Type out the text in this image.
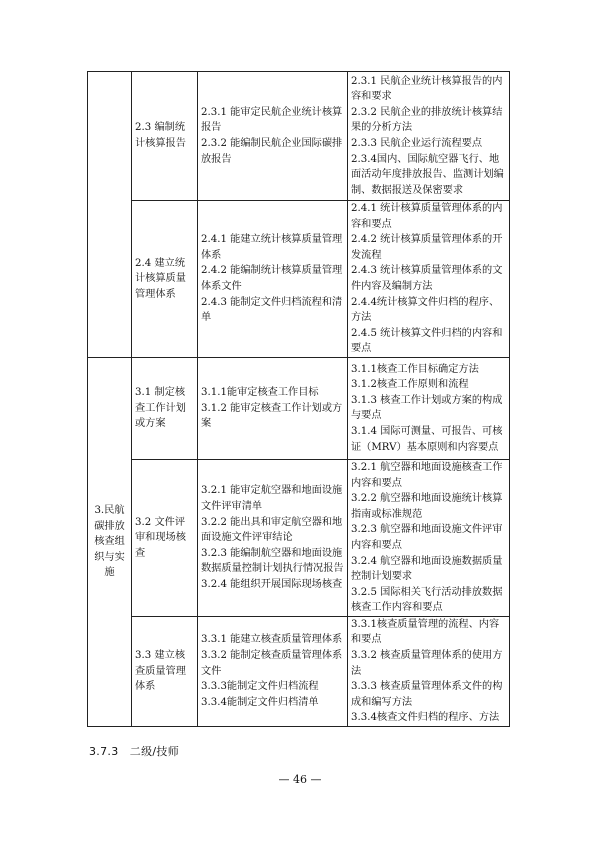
	2.3 编制统计核算报告	2.3.1 能审定民航企业统计核算报告
2.3.2 能编制民航企业国际碳排放报告	2.3.1 民航企业统计核算报告的内容和要求
2.3.2 民航企业的排放统计核算结果的分析方法
2.3.3 民航企业运行流程要点
2.3.4国内、国际航空器飞行、地面活动年度排放报告、监测计划编制、数据报送及保密要求

	2.4 建立统计核算质量管理体系	2.4.1 能建立统计核算质量管理体系
2.4.2 能编制统计核算质量管理体系文件
2.4.3 能制定文件归档流程和清单	2.4.1 统计核算质量管理体系的内容和要点
2.4.2 统计核算质量管理体系的开发流程
2.4.3 统计核算质量管理体系的文件内容及编制方法
2.4.4统计核算文件归档的程序、方法
2.4.5 统计核算文件归档的内容和要点

3.民航碳排放核查组织与实施	3.1 制定核查工作计划或方案	3.1.1能审定核查工作目标
3.1.2 能审定核查工作计划或方案	3.1.1核查工作目标确定方法
3.1.2核查工作原则和流程
3.1.3 核查工作计划或方案的构成与要点
3.1.4 国际可测量、可报告、可核证（MRV）基本原则和内容要点

	3.2 文件评审和现场核查	3.2.1 能审定航空器和地面设施文件评审清单
3.2.2 能出具和审定航空器和地面设施文件评审结论
3.2.3 能编制航空器和地面设施数据质量控制计划执行情况报告
3.2.4 能组织开展国际现场核查	3.2.1 航空器和地面设施核查工作内容和要点
3.2.2 航空器和地面设施统计核算指南或标准规范
3.2.3 航空器和地面设施文件评审内容和要点
3.2.4 航空器和地面设施数据质量控制计划要求
3.2.5 国际相关飞行活动排放数据核查工作内容和要点

	3.3 建立核查质量管理体系	3.3.1 能建立核查质量管理体系
3.3.2 能制定核查质量管理体系文件
3.3.3能制定文件归档流程
3.3.4能制定文件归档清单	3.3.1核查质量管理的流程、内容和要点
3.3.2 核查质量管理体系的使用方法
3.3.3 核查质量管理体系文件的构成和编写方法
3.3.4核查文件归档的程序、方法
3.7.3　二级/技师
— 46 —
